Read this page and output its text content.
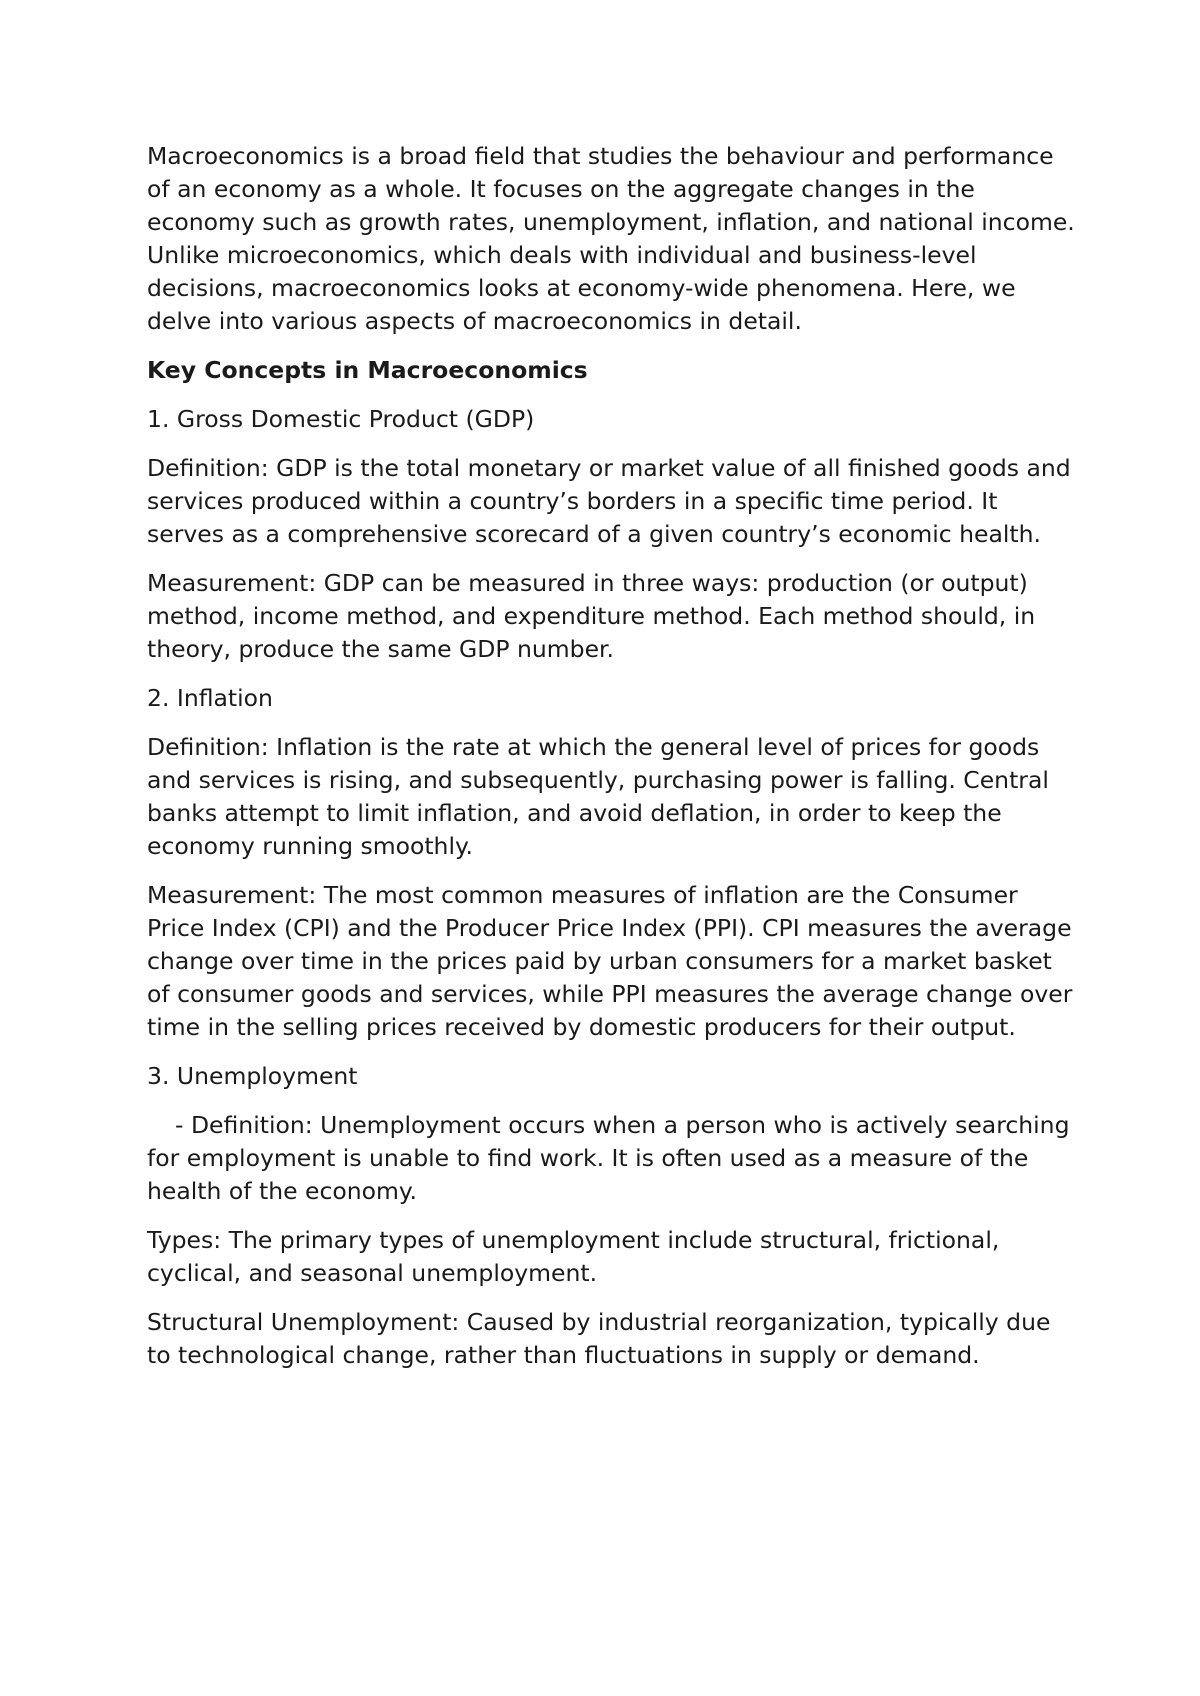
Macroeconomics is a broad field that studies the behaviour and performance of an economy as a whole. It focuses on the aggregate changes in the economy such as growth rates, unemployment, inflation, and national income. Unlike microeconomics, which deals with individual and business-level decisions, macroeconomics looks at economy-wide phenomena. Here, we delve into various aspects of macroeconomics in detail.

Key Concepts in Macroeconomics

1. Gross Domestic Product (GDP)

Definition: GDP is the total monetary or market value of all finished goods and services produced within a country’s borders in a specific time period. It serves as a comprehensive scorecard of a given country’s economic health.

Measurement: GDP can be measured in three ways: production (or output) method, income method, and expenditure method. Each method should, in theory, produce the same GDP number.

2. Inflation

Definition: Inflation is the rate at which the general level of prices for goods and services is rising, and subsequently, purchasing power is falling. Central banks attempt to limit inflation, and avoid deflation, in order to keep the economy running smoothly.

Measurement: The most common measures of inflation are the Consumer Price Index (CPI) and the Producer Price Index (PPI). CPI measures the average change over time in the prices paid by urban consumers for a market basket of consumer goods and services, while PPI measures the average change over time in the selling prices received by domestic producers for their output.

3. Unemployment

- Definition: Unemployment occurs when a person who is actively searching for employment is unable to find work. It is often used as a measure of the health of the economy.

Types: The primary types of unemployment include structural, frictional, cyclical, and seasonal unemployment.

Structural Unemployment: Caused by industrial reorganization, typically due to technological change, rather than fluctuations in supply or demand.
